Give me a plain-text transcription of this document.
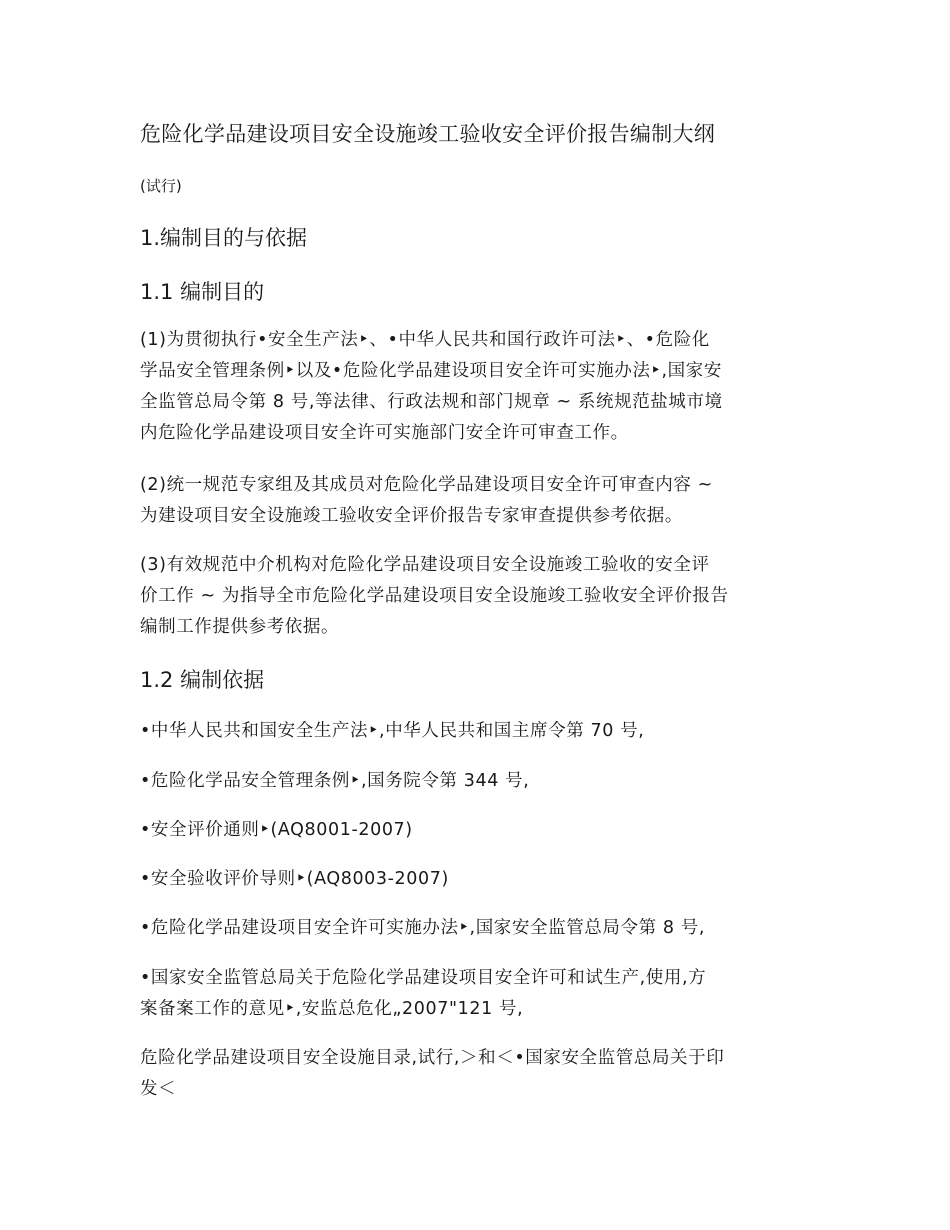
危险化学品建设项目安全设施竣工验收安全评价报告编制大纲
(试行)
1.编制目的与依据
1.1 编制目的
(1)为贯彻执行•安全生产法‣、•中华人民共和国行政许可法‣、•危险化
学品安全管理条例‣以及•危险化学品建设项目安全许可实施办法‣,国家安
全监管总局令第 8 号,等法律、行政法规和部门规章 ~ 系统规范盐城市境
内危险化学品建设项目安全许可实施部门安全许可审查工作。
(2)统一规范专家组及其成员对危险化学品建设项目安全许可审查内容 ~
为建设项目安全设施竣工验收安全评价报告专家审查提供参考依据。
(3)有效规范中介机构对危险化学品建设项目安全设施竣工验收的安全评
价工作 ~ 为指导全市危险化学品建设项目安全设施竣工验收安全评价报告
编制工作提供参考依据。
1.2 编制依据
•中华人民共和国安全生产法‣,中华人民共和国主席令第 70 号,
•危险化学品安全管理条例‣,国务院令第 344 号,
•安全评价通则‣(AQ8001-2007)
•安全验收评价导则‣(AQ8003-2007)
•危险化学品建设项目安全许可实施办法‣,国家安全监管总局令第 8 号,
•国家安全监管总局关于危险化学品建设项目安全许可和试生产,使用,方
案备案工作的意见‣,安监总危化„2007"121 号,
危险化学品建设项目安全设施目录,试行,＞和＜•国家安全监管总局关于印
发＜
